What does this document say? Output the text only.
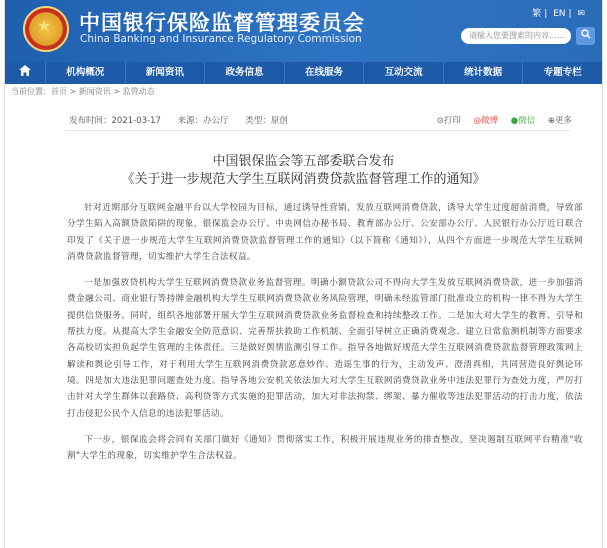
★ 中国银行保险监督管理委员会
China Banking and Insurance Regulatory Commission
繁 | EN | ✉
请输入您要搜索的内容……
机构概况	新闻资讯	政务信息	在线服务	互动交流	统计数据	专题专栏
当前位置：首页 > 新闻资讯 > 监管动态
发布时间：2021-03-17 来源：办公厅 类型：原创	⊙打印 ◎微博 ●微信 ⊕更多
中国银保监会等五部委联合发布
《关于进一步规范大学生互联网消费贷款监督管理工作的通知》

针对近期部分互联网金融平台以大学校园为目标，通过诱导性营销，发放互联网消费贷款，诱导大学生过度超前消费，导致部分学生陷入高额贷款陷阱的现象，银保监会办公厅、中央网信办秘书局、教育部办公厅、公安部办公厅、人民银行办公厅近日联合印发了《关于进一步规范大学生互联网消费贷款监督管理工作的通知》（以下简称《通知》），从四个方面进一步规范大学生互联网消费贷款监督管理，切实维护大学生合法权益。

一是加强放贷机构大学生互联网消费贷款业务监督管理。明确小额贷款公司不得向大学生发放互联网消费贷款，进一步加强消费金融公司、商业银行等持牌金融机构大学生互联网消费贷款业务风险管理，明确未经监管部门批准设立的机构一律不得为大学生提供信贷服务。同时，组织各地部署开展大学生互联网消费贷款业务监督检查和持续整改工作。二是加大对大学生的教育、引导和帮扶力度。从提高大学生金融安全防范意识、完善帮扶救助工作机制、全面引导树立正确消费观念、建立日常监测机制等方面要求各高校切实担负起学生管理的主体责任。三是做好舆情监测引导工作。指导各地做好规范大学生互联网消费贷款监督管理政策网上解读和舆论引导工作，对于利用大学生互联网消费贷款恶意炒作、造谣生事的行为，主动发声、澄清真相，共同营造良好舆论环境。四是加大违法犯罪问题查处力度。指导各地公安机关依法加大对大学生互联网消费贷款业务中违法犯罪行为查处力度，严厉打击针对大学生群体以套路贷、高利贷等方式实施的犯罪活动，加大对非法拘禁、绑架、暴力催收等违法犯罪活动的打击力度，依法打击侵犯公民个人信息的违法犯罪活动。

下一步，银保监会将会同有关部门做好《通知》贯彻落实工作，积极开展违规业务的排查整改，坚决遏制互联网平台精准"收割"大学生的现象，切实维护学生合法权益。
